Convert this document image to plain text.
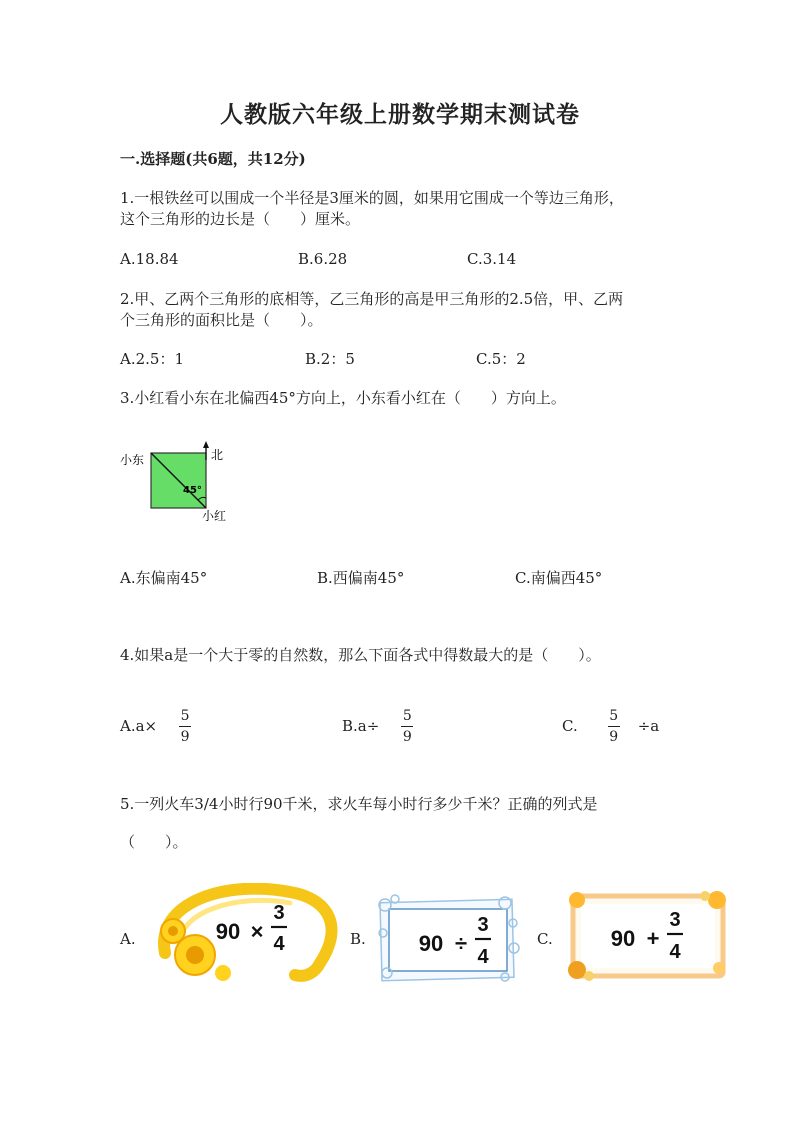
人教版六年级上册数学期末测试卷
一.选择题(共6题，共12分)
1.一根铁丝可以围成一个半径是3厘米的圆，如果用它围成一个等边三角形，
这个三角形的边长是（　　）厘米。
A.18.84	B.6.28	C.3.14
2.甲、乙两个三角形的底相等，乙三角形的高是甲三角形的2.5倍，甲、乙两
个三角形的面积比是（　　）。
A.2.5：1	B.2：5	C.5：2
3.小红看小东在北偏西45°方向上，小东看小红在（　　）方向上。
小东	北
45°
小红
A.东偏南45°	B.西偏南45°	C.南偏西45°
4.如果a是一个大于零的自然数，那么下面各式中得数最大的是（　　）。
A. $a\times \frac{5}{9}$	B. $a\div \frac{5}{9}$	C. $\frac{5}{9} \div a$
5.一列火车3/4小时行90千米，求火车每小时行多少千米？正确的列式是
（　　）。
A.	90 ×
3
4	B. 90 ÷
3
4
C.	90 +
3
4
